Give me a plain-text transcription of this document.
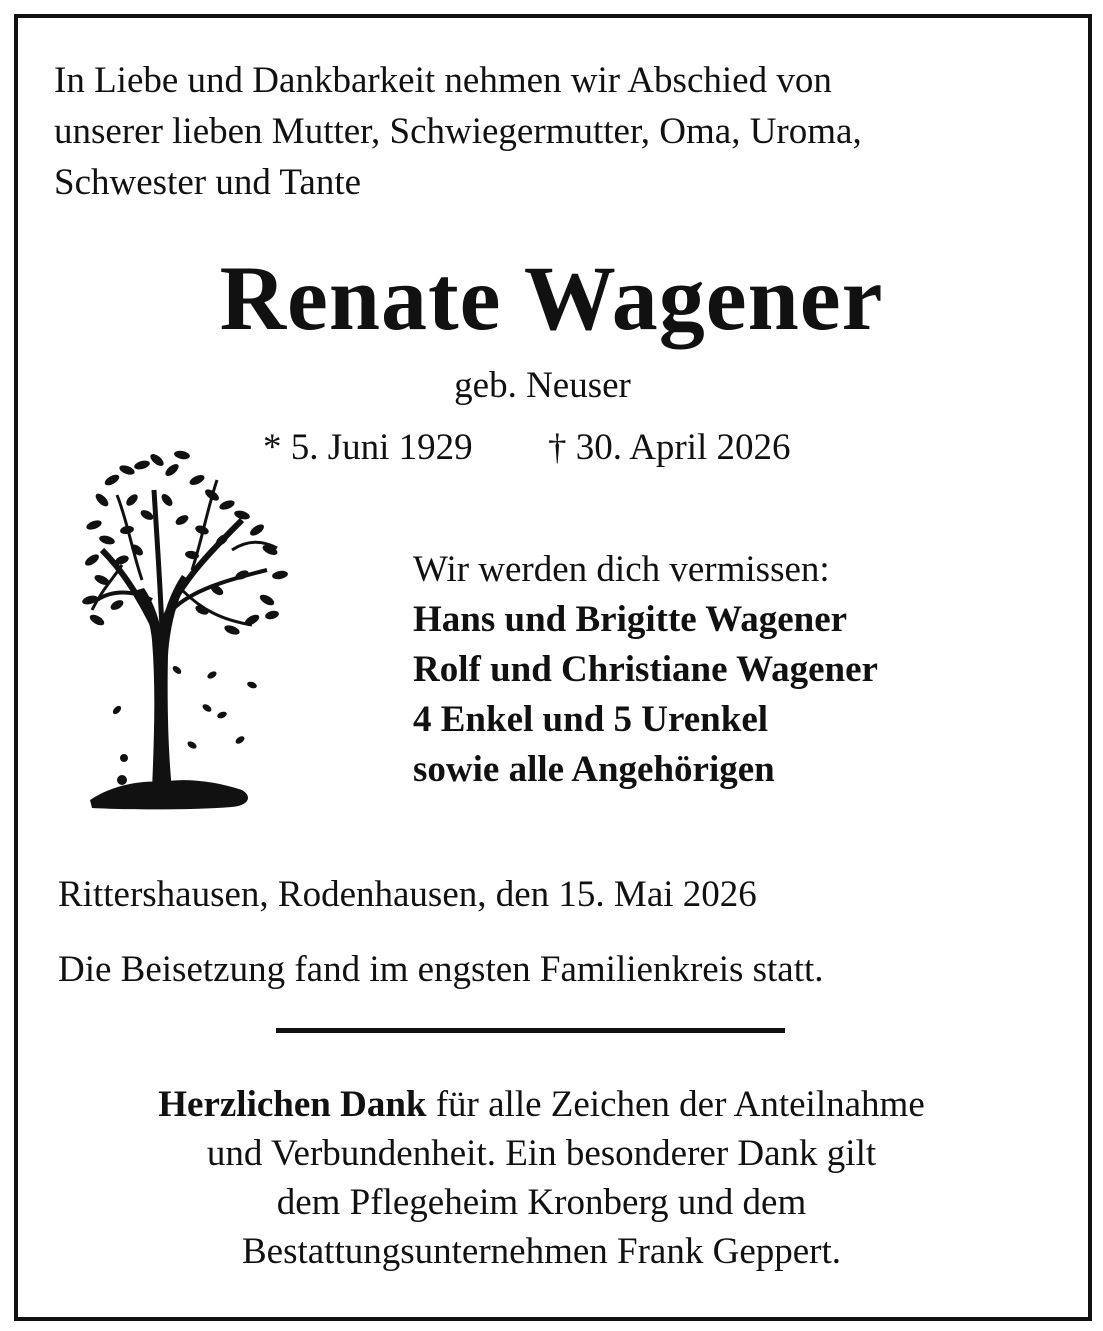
In Liebe und Dankbarkeit nehmen wir Abschied von
unserer lieben Mutter, Schwiegermutter, Oma, Uroma,
Schwester und Tante
Renate Wagener
geb. Neuser
* 5. Juni 1929 † 30. April 2026
Wir werden dich vermissen:
Hans und Brigitte Wagener
Rolf und Christiane Wagener
4 Enkel und 5 Urenkel
sowie alle Angehörigen
Rittershausen, Rodenhausen, den 15. Mai 2026
Die Beisetzung fand im engsten Familienkreis statt.
Herzlichen Dank für alle Zeichen der Anteilnahme
und Verbundenheit. Ein besonderer Dank gilt
dem Pflegeheim Kronberg und dem
Bestattungsunternehmen Frank Geppert.
